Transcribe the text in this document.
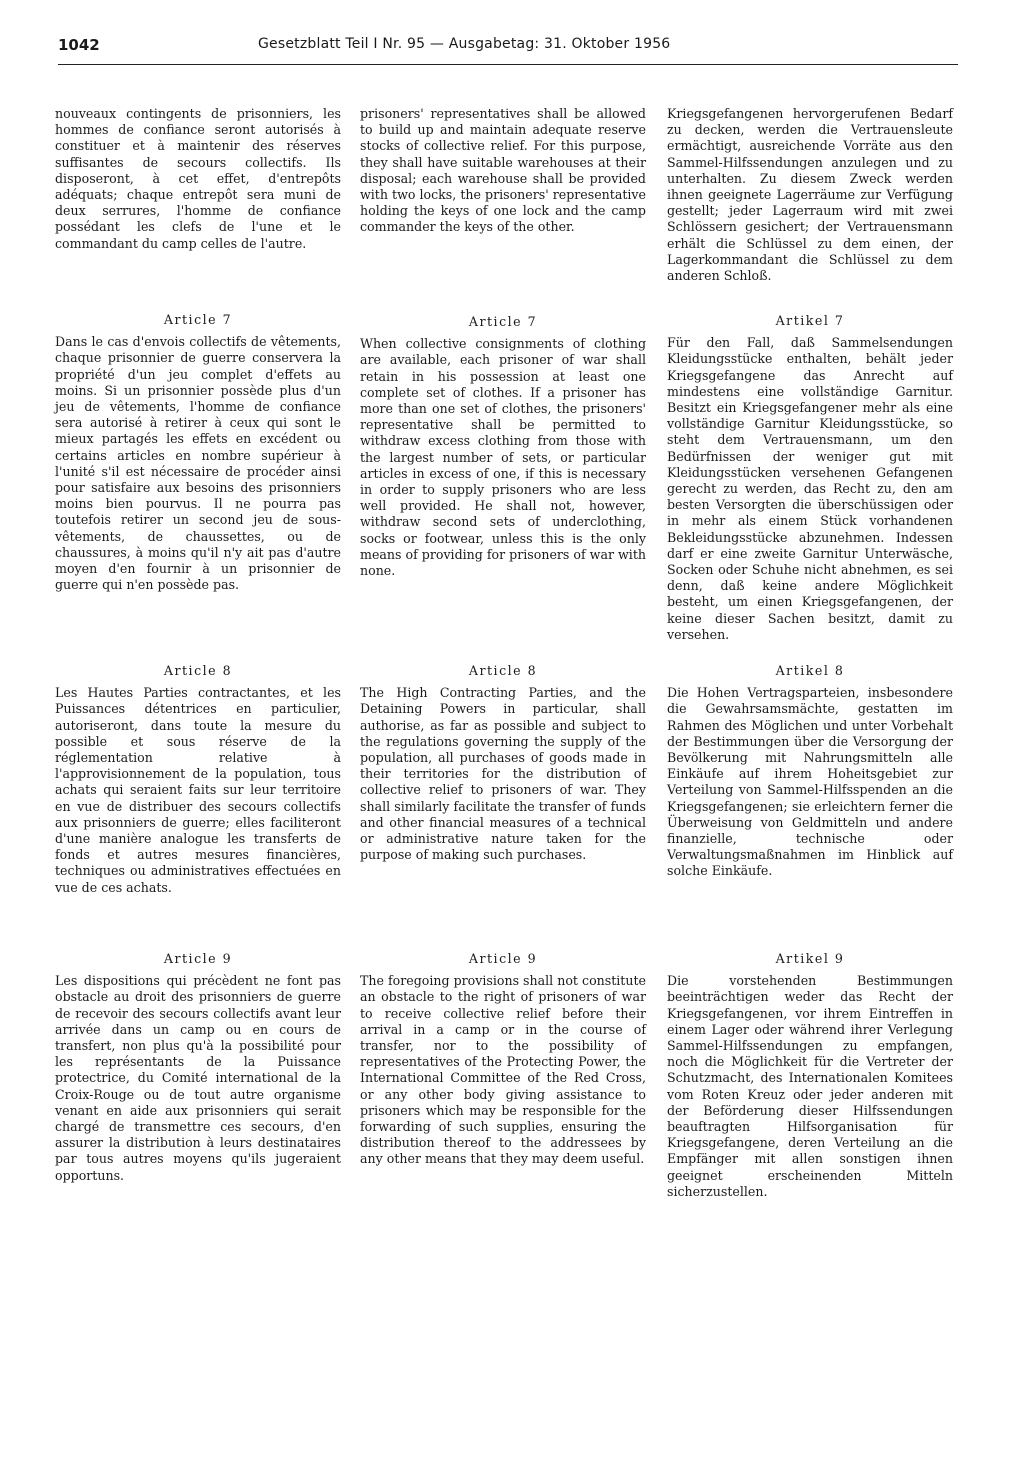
1042	Gesetzblatt Teil I Nr. 95 — Ausgabetag: 31. Oktober 1956

nouveaux contingents de prisonniers, les hommes de confiance seront autorisés à constituer et à maintenir des réserves suffisantes de secours collectifs. Ils disposeront, à cet effet, d'entrepôts adéquats; chaque entrepôt sera muni de deux serrures, l'homme de confiance possédant les clefs de l'une et le commandant du camp celles de l'autre.

Article 7

Dans le cas d'envois collectifs de vêtements, chaque prisonnier de guerre conservera la propriété d'un jeu complet d'effets au moins. Si un prisonnier possède plus d'un jeu de vêtements, l'homme de confiance sera autorisé à retirer à ceux qui sont le mieux partagés les effets en excédent ou certains articles en nombre supérieur à l'unité s'il est nécessaire de procéder ainsi pour satisfaire aux besoins des prisonniers moins bien pourvus. Il ne pourra pas toutefois retirer un second jeu de sous-vêtements, de chaussettes, ou de chaussures, à moins qu'il n'y ait pas d'autre moyen d'en fournir à un prisonnier de guerre qui n'en possède pas.

Article 8

Les Hautes Parties contractantes, et les Puissances détentrices en particulier, autoriseront, dans toute la mesure du possible et sous réserve de la réglementation relative à l'approvisionnement de la population, tous achats qui seraient faits sur leur territoire en vue de distribuer des secours collectifs aux prisonniers de guerre; elles faciliteront d'une manière analogue les transferts de fonds et autres mesures financières, techniques ou administratives effectuées en vue de ces achats.

Article 9

Les dispositions qui précèdent ne font pas obstacle au droit des prisonniers de guerre de recevoir des secours collectifs avant leur arrivée dans un camp ou en cours de transfert, non plus qu'à la possibilité pour les représentants de la Puissance protectrice, du Comité international de la Croix-Rouge ou de tout autre organisme venant en aide aux prisonniers qui serait chargé de transmettre ces secours, d'en assurer la distribution à leurs destinataires par tous autres moyens qu'ils jugeraient opportuns.

prisoners' representatives shall be allowed to build up and maintain adequate reserve stocks of collective relief. For this purpose, they shall have suitable warehouses at their disposal; each warehouse shall be provided with two locks, the prisoners' representative holding the keys of one lock and the camp commander the keys of the other.

Article 7

When collective consignments of clothing are available, each prisoner of war shall retain in his possession at least one complete set of clothes. If a prisoner has more than one set of clothes, the prisoners' representative shall be permitted to withdraw excess clothing from those with the largest number of sets, or particular articles in excess of one, if this is necessary in order to supply prisoners who are less well provided. He shall not, however, withdraw second sets of underclothing, socks or footwear, unless this is the only means of providing for prisoners of war with none.

Article 8

The High Contracting Parties, and the Detaining Powers in particular, shall authorise, as far as possible and subject to the regulations governing the supply of the population, all purchases of goods made in their territories for the distribution of collective relief to prisoners of war. They shall similarly facilitate the transfer of funds and other financial measures of a technical or administrative nature taken for the purpose of making such purchases.

Article 9

The foregoing provisions shall not constitute an obstacle to the right of prisoners of war to receive collective relief before their arrival in a camp or in the course of transfer, nor to the possibility of representatives of the Protecting Power, the International Committee of the Red Cross, or any other body giving assistance to prisoners which may be responsible for the forwarding of such supplies, ensuring the distribution thereof to the addressees by any other means that they may deem useful.

Kriegsgefangenen hervorgerufenen Bedarf zu decken, werden die Vertrauensleute ermächtigt, ausreichende Vorräte aus den Sammel-Hilfssendungen anzulegen und zu unterhalten. Zu diesem Zweck werden ihnen geeignete Lagerräume zur Verfügung gestellt; jeder Lagerraum wird mit zwei Schlössern gesichert; der Vertrauensmann erhält die Schlüssel zu dem einen, der Lagerkommandant die Schlüssel zu dem anderen Schloß.

Artikel 7

Für den Fall, daß Sammelsendungen Kleidungsstücke enthalten, behält jeder Kriegsgefangene das Anrecht auf mindestens eine vollständige Garnitur. Besitzt ein Kriegsgefangener mehr als eine vollständige Garnitur Kleidungsstücke, so steht dem Vertrauensmann, um den Bedürfnissen der weniger gut mit Kleidungsstücken versehenen Gefangenen gerecht zu werden, das Recht zu, den am besten Versorgten die überschüssigen oder in mehr als einem Stück vorhandenen Bekleidungsstücke abzunehmen. Indessen darf er eine zweite Garnitur Unterwäsche, Socken oder Schuhe nicht abnehmen, es sei denn, daß keine andere Möglichkeit besteht, um einen Kriegsgefangenen, der keine dieser Sachen besitzt, damit zu versehen.

Artikel 8

Die Hohen Vertragsparteien, insbesondere die Gewahrsamsmächte, gestatten im Rahmen des Möglichen und unter Vorbehalt der Bestimmungen über die Versorgung der Bevölkerung mit Nahrungsmitteln alle Einkäufe auf ihrem Hoheitsgebiet zur Verteilung von Sammel-Hilfsspenden an die Kriegsgefangenen; sie erleichtern ferner die Überweisung von Geldmitteln und andere finanzielle, technische oder Verwaltungsmaßnahmen im Hinblick auf solche Einkäufe.

Artikel 9

Die vorstehenden Bestimmungen beeinträchtigen weder das Recht der Kriegsgefangenen, vor ihrem Eintreffen in einem Lager oder während ihrer Verlegung Sammel-Hilfssendungen zu empfangen, noch die Möglichkeit für die Vertreter der Schutzmacht, des Internationalen Komitees vom Roten Kreuz oder jeder anderen mit der Beförderung dieser Hilfssendungen beauftragten Hilfsorganisation für Kriegsgefangene, deren Verteilung an die Empfänger mit allen sonstigen ihnen geeignet erscheinenden Mitteln sicherzustellen.
